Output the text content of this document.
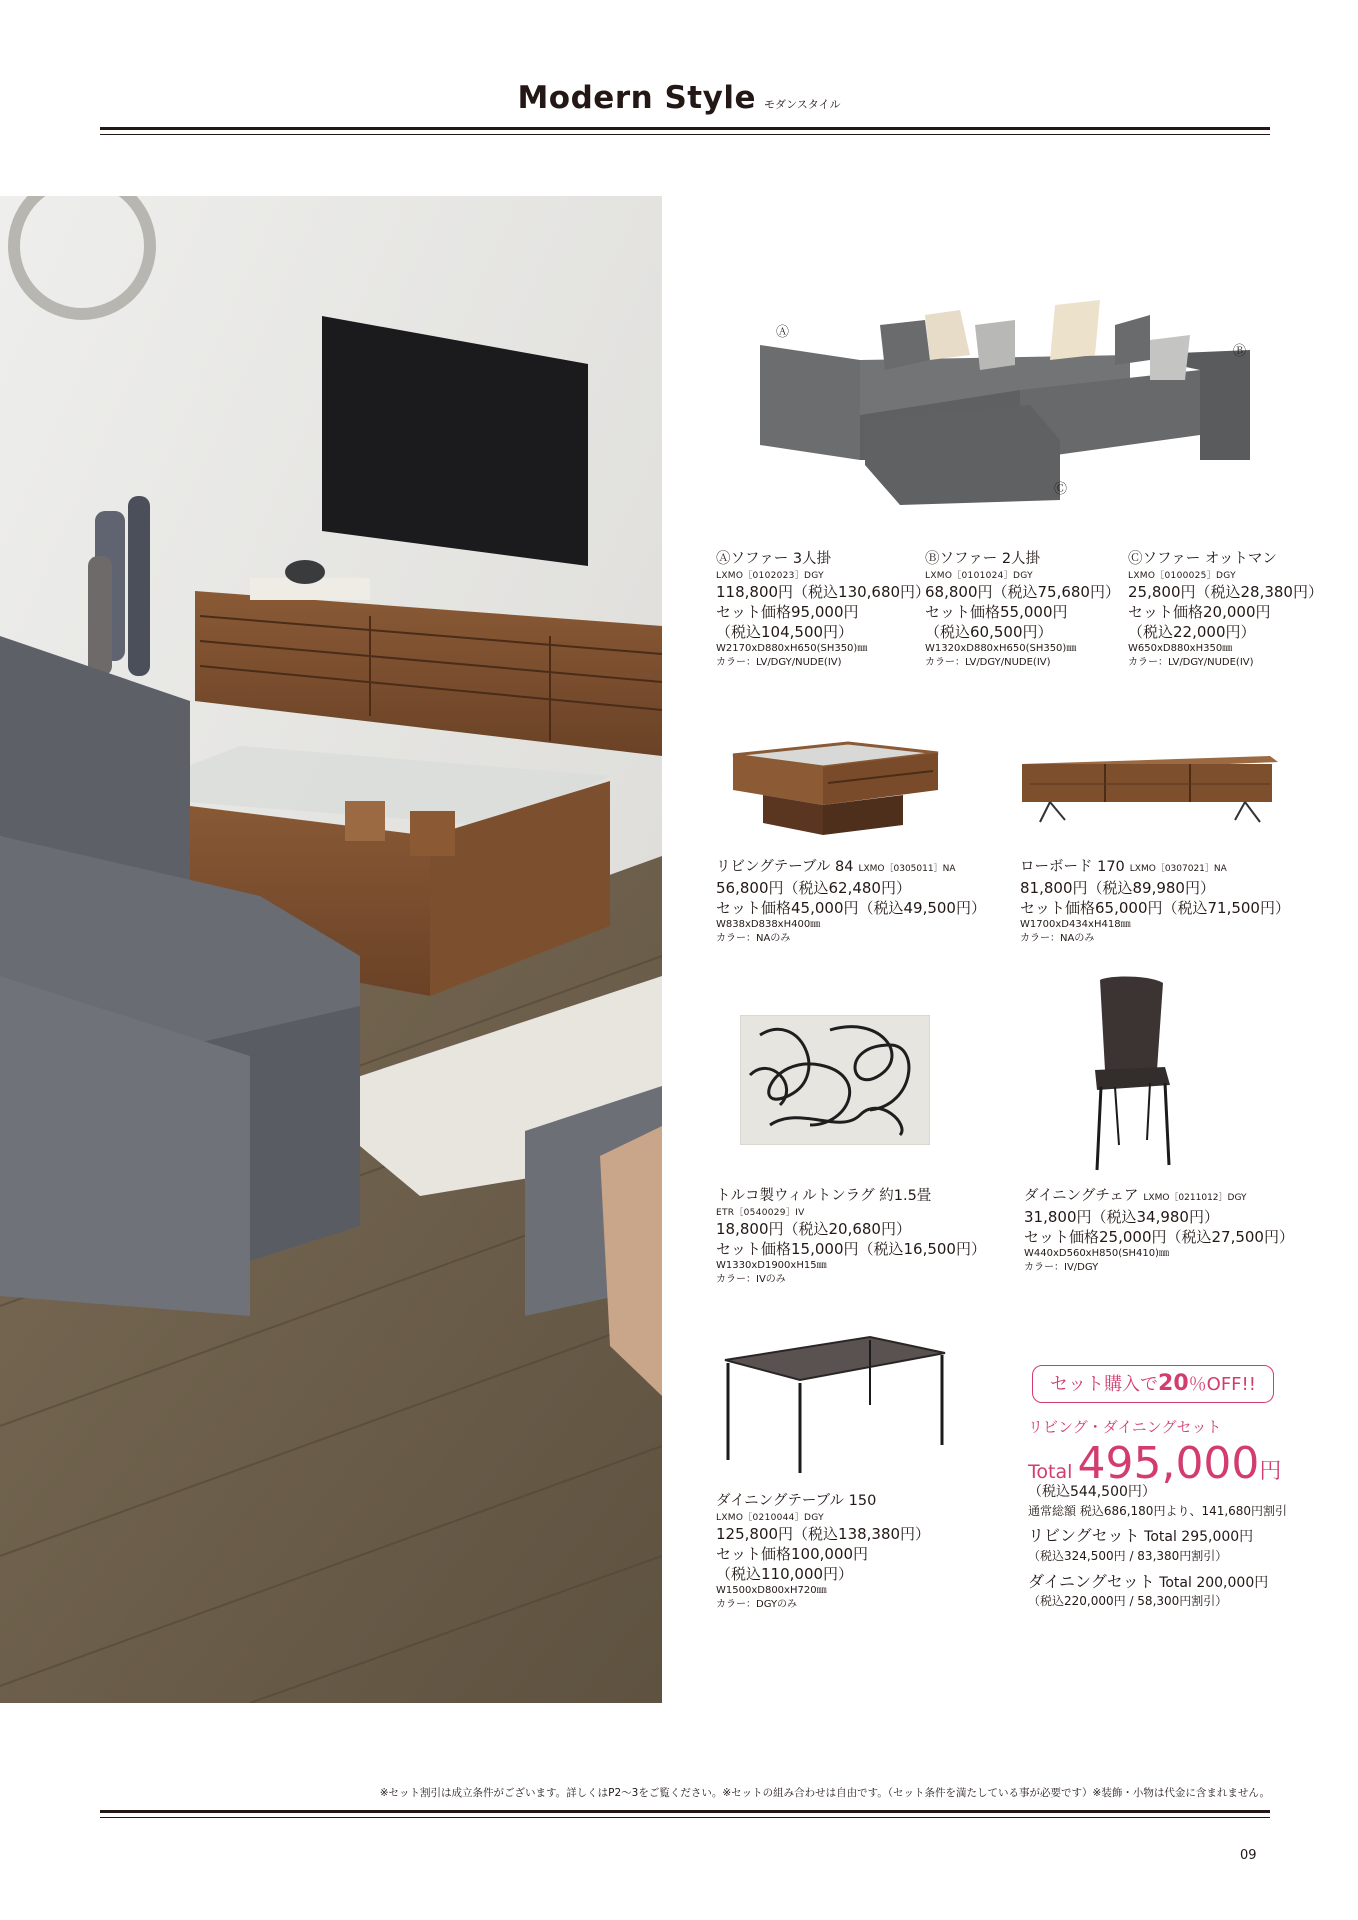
Modern Style モダンスタイル
Ⓐ
Ⓑ
Ⓒ
Ⓐソファー 3人掛
LXMO［0102023］DGY
118,800円（税込130,680円）
セット価格95,000円
（税込104,500円）
W2170xD880xH650(SH350)㎜
カラー：LV/DGY/NUDE(IV)
Ⓑソファー 2人掛
LXMO［0101024］DGY
68,800円（税込75,680円）
セット価格55,000円
（税込60,500円）
W1320xD880xH650(SH350)㎜
カラー：LV/DGY/NUDE(IV)
Ⓒソファー オットマン
LXMO［0100025］DGY
25,800円（税込28,380円）
セット価格20,000円
（税込22,000円）
W650xD880xH350㎜
カラー：LV/DGY/NUDE(IV)
リビングテーブル 84 LXMO［0305011］NA
56,800円（税込62,480円）
セット価格45,000円（税込49,500円）
W838xD838xH400㎜
カラー：NAのみ
ローボード 170 LXMO［0307021］NA
81,800円（税込89,980円）
セット価格65,000円（税込71,500円）
W1700xD434xH418㎜
カラー：NAのみ
トルコ製ウィルトンラグ 約1.5畳
ETR［0540029］IV
18,800円（税込20,680円）
セット価格15,000円（税込16,500円）
W1330xD1900xH15㎜
カラー：IVのみ
ダイニングチェア LXMO［0211012］DGY
31,800円（税込34,980円）
セット価格25,000円（税込27,500円）
W440xD560xH850(SH410)㎜
カラー：IV/DGY
ダイニングテーブル 150
LXMO［0210044］DGY
125,800円（税込138,380円）
セット価格100,000円
（税込110,000円）
W1500xD800xH720㎜
カラー：DGYのみ
セット購入で20％OFF!!
リビング・ダイニングセット
Total 495,000円
（税込544,500円）
通常総額 税込686,180円より、141,680円割引
リビングセット Total 295,000円
（税込324,500円 / 83,380円割引）
ダイニングセット Total 200,000円
（税込220,000円 / 58,300円割引）
※セット割引は成立条件がございます。詳しくはP2〜3をご覧ください。※セットの組み合わせは自由です。（セット条件を満たしている事が必要です）※装飾・小物は代金に含まれません。
09
